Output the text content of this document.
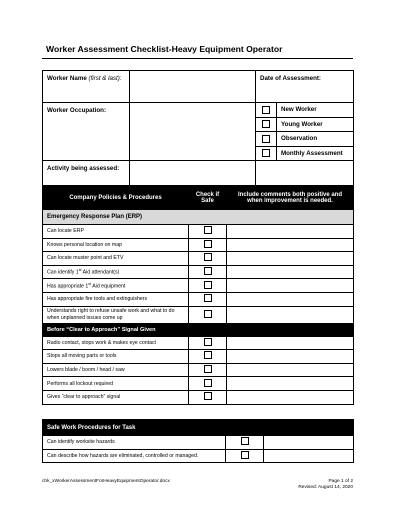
Worker Assessment Checklist-Heavy Equipment Operator
Worker Name (first & last):		Date of Assessment:
Worker Occupation:		New Worker
Young Worker
Observation
Monthly Assessment

Activity being assessed:		
Company Policies & Procedures	Check if Safe	Include comments both positive and when improvement is needed.
Emergency Response Plan (ERP)		
Can locate ERP		
Knows personal location on map		
Can locate muster point and ETV		
Can identify 1st Aid attendant(s)		
Has appropriate 1st Aid equipment		
Has appropriate fire tools and extinguishers		
Understands right to refuse unsafe work and what to do when unplanned issues come up		
Before “Clear to Approach” Signal Given		
Radio contact, stops work & makes eye contact		
Stops all moving parts or tools		
Lowers blade / boom / head / saw		
Performs all lockout required		
Gives “clear to approach” signal		
Safe Work Procedures for Task		
Can identify worksite hazards		
Can describe how hazards are eliminated, controlled or managed.		
chk_xWorkerAssessmentForHeavyEquipmentOperator.docx	Page 1 of 2
Revised: August 14, 2020
